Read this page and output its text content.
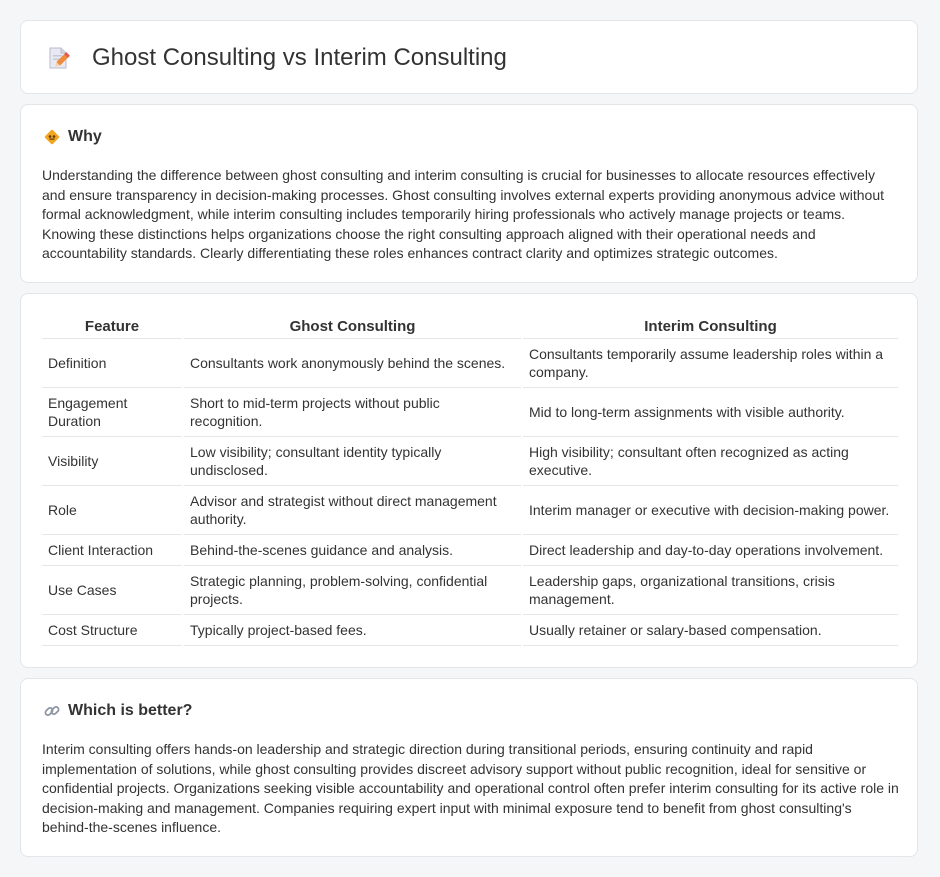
Ghost Consulting vs Interim Consulting
Why

Understanding the difference between ghost consulting and interim consulting is crucial for businesses to allocate resources effectively and ensure transparency in decision-making processes. Ghost consulting involves external experts providing anonymous advice without formal acknowledgment, while interim consulting includes temporarily hiring professionals who actively manage projects or teams. Knowing these distinctions helps organizations choose the right consulting approach aligned with their operational needs and accountability standards. Clearly differentiating these roles enhances contract clarity and optimizes strategic outcomes.

Feature	Ghost Consulting	Interim Consulting
Definition	Consultants work anonymously behind the scenes.	Consultants temporarily assume leadership roles within a company.
Engagement Duration	Short to mid-term projects without public recognition.	Mid to long-term assignments with visible authority.
Visibility	Low visibility; consultant identity typically undisclosed.	High visibility; consultant often recognized as acting executive.
Role	Advisor and strategist without direct management authority.	Interim manager or executive with decision-making power.
Client Interaction	Behind-the-scenes guidance and analysis.	Direct leadership and day-to-day operations involvement.
Use Cases	Strategic planning, problem-solving, confidential projects.	Leadership gaps, organizational transitions, crisis management.
Cost Structure	Typically project-based fees.	Usually retainer or salary-based compensation.
Which is better?

Interim consulting offers hands-on leadership and strategic direction during transitional periods, ensuring continuity and rapid implementation of solutions, while ghost consulting provides discreet advisory support without public recognition, ideal for sensitive or confidential projects. Organizations seeking visible accountability and operational control often prefer interim consulting for its active role in decision-making and management. Companies requiring expert input with minimal exposure tend to benefit from ghost consulting's behind-the-scenes influence.
